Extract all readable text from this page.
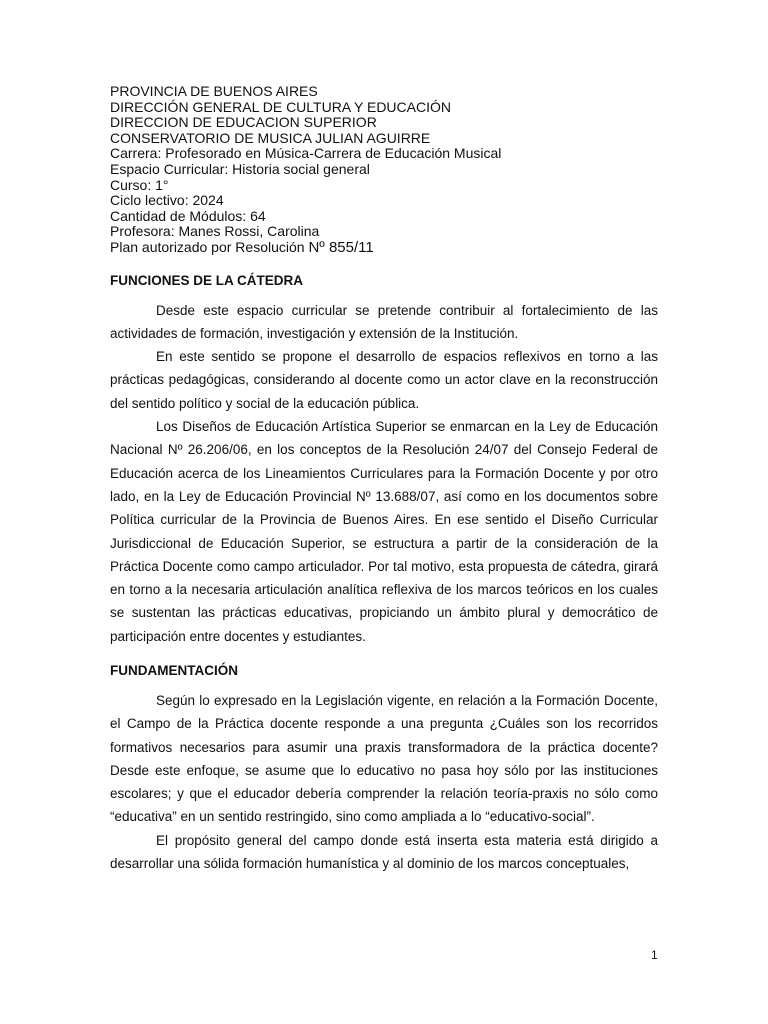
PROVINCIA DE BUENOS AIRES

DIRECCIÓN GENERAL DE CULTURA Y EDUCACIÓN

DIRECCION DE EDUCACION SUPERIOR

CONSERVATORIO DE MUSICA JULIAN AGUIRRE

Carrera: Profesorado en Música-Carrera de Educación Musical

Espacio Curricular: Historia social general

Curso: 1°

Ciclo lectivo: 2024

Cantidad de Módulos: 64

Profesora: Manes Rossi, Carolina

Plan autorizado por Resolución Nº 855/11

FUNCIONES DE LA CÁTEDRA

Desde este espacio curricular se pretende contribuir al fortalecimiento de las actividades de formación, investigación y extensión de la Institución.

En este sentido se propone el desarrollo de espacios reflexivos en torno a las prácticas pedagógicas, considerando al docente como un actor clave en la reconstrucción del sentido político y social de la educación pública.

Los Diseños de Educación Artística Superior se enmarcan en la Ley de Educación Nacional Nº 26.206/06, en los conceptos de la Resolución 24/07 del Consejo Federal de Educación acerca de los Lineamientos Curriculares para la Formación Docente y por otro lado, en la Ley de Educación Provincial Nº 13.688/07, así como en los documentos sobre Política curricular de la Provincia de Buenos Aires. En ese sentido el Diseño Curricular Jurisdiccional de Educación Superior, se estructura a partir de la consideración de la Práctica Docente como campo articulador. Por tal motivo, esta propuesta de cátedra, girará en torno a la necesaria articulación analítica reflexiva de los marcos teóricos en los cuales se sustentan las prácticas educativas, propiciando un ámbito plural y democrático de participación entre docentes y estudiantes.

FUNDAMENTACIÓN

Según lo expresado en la Legislación vigente, en relación a la Formación Docente, el Campo de la Práctica docente responde a una pregunta ¿Cuáles son los recorridos formativos necesarios para asumir una praxis transformadora de la práctica docente? Desde este enfoque, se asume que lo educativo no pasa hoy sólo por las instituciones escolares; y que el educador debería comprender la relación teoría-praxis no sólo como “educativa” en un sentido restringido, sino como ampliada a lo “educativo-social”.

El propósito general del campo donde está inserta esta materia está dirigido a desarrollar una sólida formación humanística y al dominio de los marcos conceptuales,

1
